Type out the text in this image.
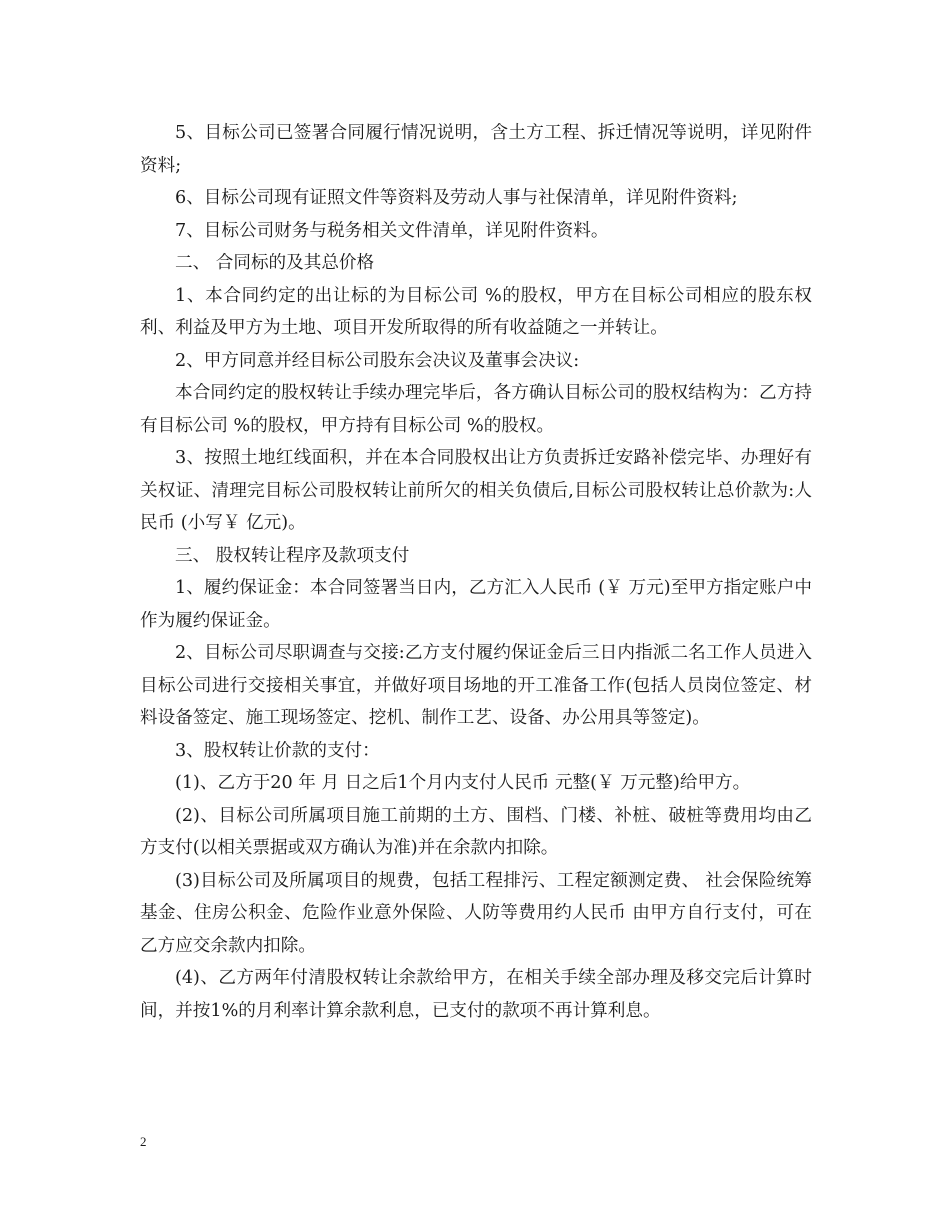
5、目标公司已签署合同履行情况说明，含土方工程、拆迁情况等说明，详见附件资料;

6、目标公司现有证照文件等资料及劳动人事与社保清单，详见附件资料;

7、目标公司财务与税务相关文件清单，详见附件资料。

二、 合同标的及其总价格

1、本合同约定的出让标的为目标公司 %的股权，甲方在目标公司相应的股东权利、利益及甲方为土地、项目开发所取得的所有收益随之一并转让。

2、甲方同意并经目标公司股东会决议及董事会决议:

本合同约定的股权转让手续办理完毕后，各方确认目标公司的股权结构为：乙方持有目标公司 %的股权，甲方持有目标公司 %的股权。

3、按照土地红线面积，并在本合同股权出让方负责拆迁安路补偿完毕、办理好有关权证、清理完目标公司股权转让前所欠的相关负债后,目标公司股权转让总价款为:人民币 (小写￥ 亿元)。

三、 股权转让程序及款项支付

1、履约保证金：本合同签署当日内，乙方汇入人民币 (￥ 万元)至甲方指定账户中作为履约保证金。

2、目标公司尽职调查与交接:乙方支付履约保证金后三日内指派二名工作人员进入目标公司进行交接相关事宜，并做好项目场地的开工准备工作(包括人员岗位签定、材料设备签定、施工现场签定、挖机、制作工艺、设备、办公用具等签定)。

3、股权转让价款的支付：

(1)、乙方于20 年 月 日之后1个月内支付人民币 元整(￥ 万元整)给甲方。

(2)、目标公司所属项目施工前期的土方、围档、门楼、补桩、破桩等费用均由乙方支付(以相关票据或双方确认为准)并在余款内扣除。

(3)目标公司及所属项目的规费，包括工程排污、工程定额测定费、 社会保险统筹基金、住房公积金、危险作业意外保险、人防等费用约人民币 由甲方自行支付，可在乙方应交余款内扣除。

(4)、乙方两年付清股权转让余款给甲方，在相关手续全部办理及移交完后计算时间，并按1%的月利率计算余款利息，已支付的款项不再计算利息。

2
